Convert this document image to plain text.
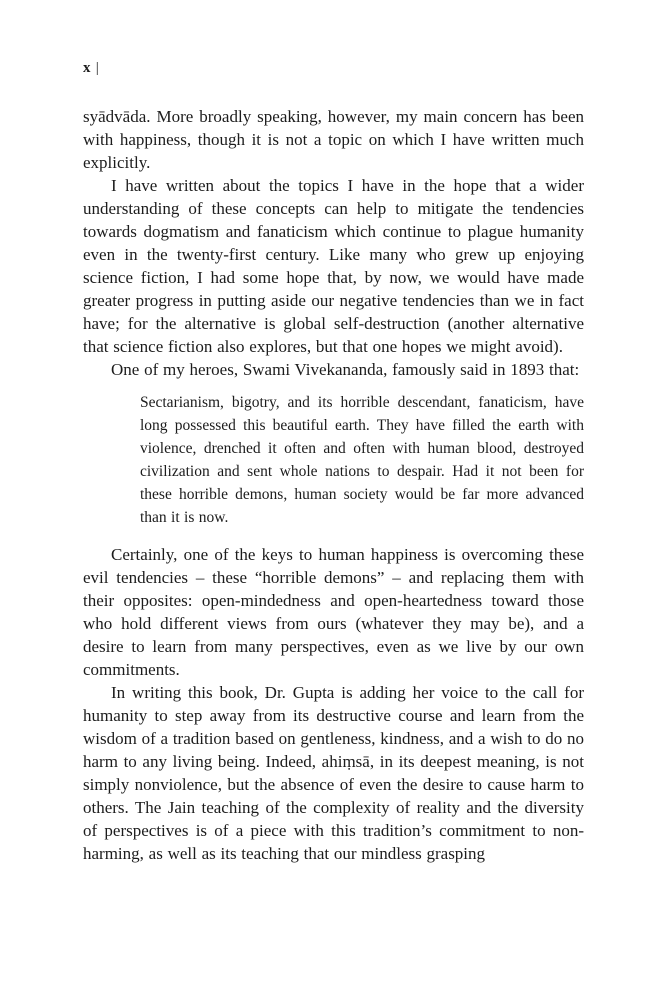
x |

syādvāda. More broadly speaking, however, my main concern has been with happiness, though it is not a topic on which I have written much explicitly.

I have written about the topics I have in the hope that a wider understanding of these concepts can help to mitigate the tendencies towards dogmatism and fanaticism which continue to plague humanity even in the twenty-first century. Like many who grew up enjoying science fiction, I had some hope that, by now, we would have made greater progress in putting aside our negative tendencies than we in fact have; for the alternative is global self-destruction (another alternative that science fiction also explores, but that one hopes we might avoid).

One of my heroes, Swami Vivekananda, famously said in 1893 that:

Sectarianism, bigotry, and its horrible descendant, fanaticism, have long possessed this beautiful earth. They have filled the earth with violence, drenched it often and often with human blood, destroyed civilization and sent whole nations to despair. Had it not been for these horrible demons, human society would be far more advanced than it is now.

Certainly, one of the keys to human happiness is overcoming these evil tendencies – these “horrible demons” – and replacing them with their opposites: open-mindedness and open-heartedness toward those who hold different views from ours (whatever they may be), and a desire to learn from many perspectives, even as we live by our own commitments.

In writing this book, Dr. Gupta is adding her voice to the call for humanity to step away from its destructive course and learn from the wisdom of a tradition based on gentleness, kindness, and a wish to do no harm to any living being. Indeed, ahiṃsā, in its deepest meaning, is not simply nonviolence, but the absence of even the desire to cause harm to others. The Jain teaching of the complexity of reality and the diversity of perspectives is of a piece with this tradition’s commitment to non-harming, as well as its teaching that our mindless grasping
